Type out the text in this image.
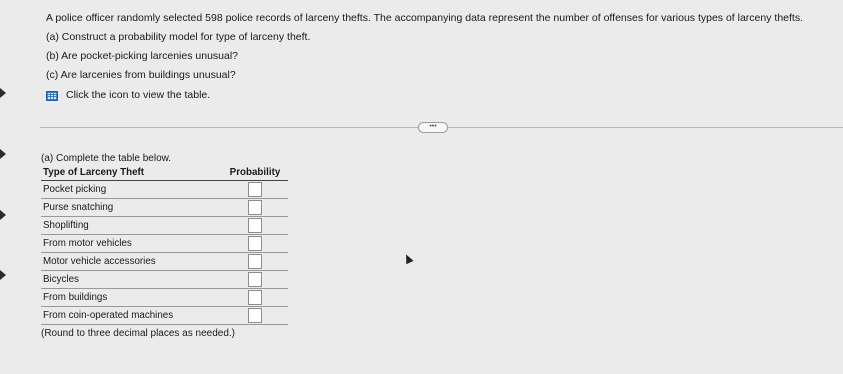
A police officer randomly selected 598 police records of larceny thefts. The accompanying data represent the number of offenses for various types of larceny thefts.
(a) Construct a probability model for type of larceny theft.
(b) Are pocket-picking larcenies unusual?
(c) Are larcenies from buildings unusual?
Click the icon to view the table.
•••
(a) Complete the table below.
Type of Larceny Theft	Probability
Pocket picking	
Purse snatching	
Shoplifting	
From motor vehicles	
Motor vehicle accessories	
Bicycles	
From buildings	
From coin-operated machines	
(Round to three decimal places as needed.)
